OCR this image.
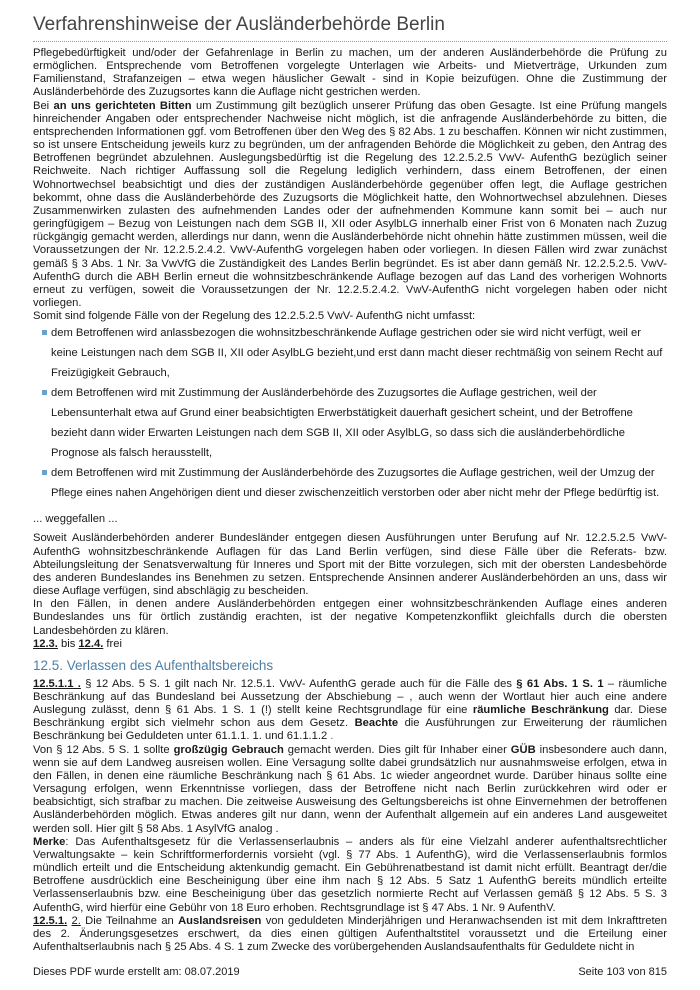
Verfahrenshinweise der Ausländerbehörde Berlin

Pflegebedürftigkeit und/oder der Gefahrenlage in Berlin zu machen, um der anderen Ausländerbehörde die Prüfung zu ermöglichen. Entsprechende vom Betroffenen vorgelegte Unterlagen wie Arbeits- und Mietverträge, Urkunden zum Familienstand, Strafanzeigen – etwa wegen häuslicher Gewalt - sind in Kopie beizufügen. Ohne die Zustimmung der Ausländerbehörde des Zuzugsortes kann die Auflage nicht gestrichen werden.

Bei an uns gerichteten Bitten um Zustimmung gilt bezüglich unserer Prüfung das oben Gesagte. Ist eine Prüfung mangels hinreichender Angaben oder entsprechender Nachweise nicht möglich, ist die anfragende Ausländerbehörde zu bitten, die entsprechenden Informationen ggf. vom Betroffenen über den Weg des § 82 Abs. 1 zu beschaffen. Können wir nicht zustimmen, so ist unsere Entscheidung jeweils kurz zu begründen, um der anfragenden Behörde die Möglichkeit zu geben, den Antrag des Betroffenen begründet abzulehnen. Auslegungsbedürftig ist die Regelung des 12.2.5.2.5 VwV- AufenthG bezüglich seiner Reichweite. Nach richtiger Auffassung soll die Regelung lediglich verhindern, dass einem Betroffenen, der einen Wohnortwechsel beabsichtigt und dies der zuständigen Ausländerbehörde gegenüber offen legt, die Auflage gestrichen bekommt, ohne dass die Ausländerbehörde des Zuzugsorts die Möglichkeit hatte, den Wohnortwechsel abzulehnen. Dieses Zusammenwirken zulasten des aufnehmenden Landes oder der aufnehmenden Kommune kann somit bei – auch nur geringfügigem – Bezug von Leistungen nach dem SGB II, XII oder AsylbLG innerhalb einer Frist von 6 Monaten nach Zuzug rückgängig gemacht werden, allerdings nur dann, wenn die Ausländerbehörde nicht ohnehin hätte zustimmen müssen, weil die Voraussetzungen der Nr. 12.2.5.2.4.2. VwV-AufenthG vorgelegen haben oder vorliegen. In diesen Fällen wird zwar zunächst gemäß § 3 Abs. 1 Nr. 3a VwVfG die Zuständigkeit des Landes Berlin begründet. Es ist aber dann gemäß Nr. 12.2.5.2.5. VwV-AufenthG durch die ABH Berlin erneut die wohnsitzbeschränkende Auflage bezogen auf das Land des vorherigen Wohnorts erneut zu verfügen, soweit die Voraussetzungen der Nr. 12.2.5.2.4.2. VwV-AufenthG nicht vorgelegen haben oder nicht vorliegen.

Somit sind folgende Fälle von der Regelung des 12.2.5.2.5 VwV- AufenthG nicht umfasst:

dem Betroffenen wird anlassbezogen die wohnsitzbeschränkende Auflage gestrichen oder sie wird nicht verfügt, weil er keine Leistungen nach dem SGB II, XII oder AsylbLG bezieht,und erst dann macht dieser rechtmäßig von seinem Recht auf Freizügigkeit Gebrauch,
dem Betroffenen wird mit Zustimmung der Ausländerbehörde des Zuzugsortes die Auflage gestrichen, weil der Lebensunterhalt etwa auf Grund einer beabsichtigten Erwerbstätigkeit dauerhaft gesichert scheint, und der Betroffene bezieht dann wider Erwarten Leistungen nach dem SGB II, XII oder AsylbLG, so dass sich die ausländerbehördliche Prognose als falsch herausstellt,
dem Betroffenen wird mit Zustimmung der Ausländerbehörde des Zuzugsortes die Auflage gestrichen, weil der Umzug der Pflege eines nahen Angehörigen dient und dieser zwischenzeitlich verstorben oder aber nicht mehr der Pflege bedürftig ist.

... weggefallen ...

Soweit Ausländerbehörden anderer Bundesländer entgegen diesen Ausführungen unter Berufung auf Nr. 12.2.5.2.5 VwV-AufenthG wohnsitzbeschränkende Auflagen für das Land Berlin verfügen, sind diese Fälle über die Referats- bzw. Abteilungsleitung der Senatsverwaltung für Inneres und Sport mit der Bitte vorzulegen, sich mit der obersten Landesbehörde des anderen Bundeslandes ins Benehmen zu setzen. Entsprechende Ansinnen anderer Ausländerbehörden an uns, dass wir diese Auflage verfügen, sind abschlägig zu bescheiden.

In den Fällen, in denen andere Ausländerbehörden entgegen einer wohnsitzbeschränkenden Auflage eines anderen Bundeslandes uns für örtlich zuständig erachten, ist der negative Kompetenzkonflikt gleichfalls durch die obersten Landesbehörden zu klären.

12.3. bis 12.4. frei

12.5. Verlassen des Aufenthaltsbereichs

12.5.1.1 . § 12 Abs. 5 S. 1 gilt nach Nr. 12.5.1. VwV- AufenthG gerade auch für die Fälle des § 61 Abs. 1 S. 1 – räumliche Beschränkung auf das Bundesland bei Aussetzung der Abschiebung – , auch wenn der Wortlaut hier auch eine andere Auslegung zulässt, denn § 61 Abs. 1 S. 1 (!) stellt keine Rechtsgrundlage für eine räumliche Beschränkung dar. Diese Beschränkung ergibt sich vielmehr schon aus dem Gesetz. Beachte die Ausführungen zur Erweiterung der räumlichen Beschränkung bei Geduldeten unter 61.1.1. 1. und 61.1.1.2 .

Von § 12 Abs. 5 S. 1 sollte großzügig Gebrauch gemacht werden. Dies gilt für Inhaber einer GÜB insbesondere auch dann, wenn sie auf dem Landweg ausreisen wollen. Eine Versagung sollte dabei grundsätzlich nur ausnahmsweise erfolgen, etwa in den Fällen, in denen eine räumliche Beschränkung nach § 61 Abs. 1c wieder angeordnet wurde. Darüber hinaus sollte eine Versagung erfolgen, wenn Erkenntnisse vorliegen, dass der Betroffene nicht nach Berlin zurückkehren wird oder er beabsichtigt, sich strafbar zu machen. Die zeitweise Ausweisung des Geltungsbereichs ist ohne Einvernehmen der betroffenen Ausländerbehörden möglich. Etwas anderes gilt nur dann, wenn der Aufenthalt allgemein auf ein anderes Land ausgeweitet werden soll. Hier gilt § 58 Abs. 1 AsylVfG analog .

Merke: Das Aufenthaltsgesetz für die Verlassenserlaubnis – anders als für eine Vielzahl anderer aufenthaltsrechtlicher Verwaltungsakte – kein Schriftformerfordernis vorsieht (vgl. § 77 Abs. 1 AufenthG), wird die Verlassenserlaubnis formlos mündlich erteilt und die Entscheidung aktenkundig gemacht. Ein Gebührenatbestand ist damit nicht erfüllt. Beantragt der/die Betroffene ausdrücklich eine Bescheinigung über eine ihm nach § 12 Abs. 5 Satz 1 AufenthG bereits mündlich erteilte Verlassenserlaubnis bzw. eine Bescheinigung über das gesetzlich normierte Recht auf Verlassen gemäß § 12 Abs. 5 S. 3 AufenthG, wird hierfür eine Gebühr von 18 Euro erhoben. Rechtsgrundlage ist § 47 Abs. 1 Nr. 9 AufenthV.

12.5.1. 2. Die Teilnahme an Auslandsreisen von geduldeten Minderjährigen und Heranwachsenden ist mit dem Inkrafttreten des 2. Änderungsgesetzes erschwert, da dies einen gültigen Aufenthaltstitel voraussetzt und die Erteilung einer Aufenthaltserlaubnis nach § 25 Abs. 4 S. 1 zum Zwecke des vorübergehenden Auslandsaufenthalts für Geduldete nicht in

Dieses PDF wurde erstellt am: 08.07.2019	Seite 103 von 815
